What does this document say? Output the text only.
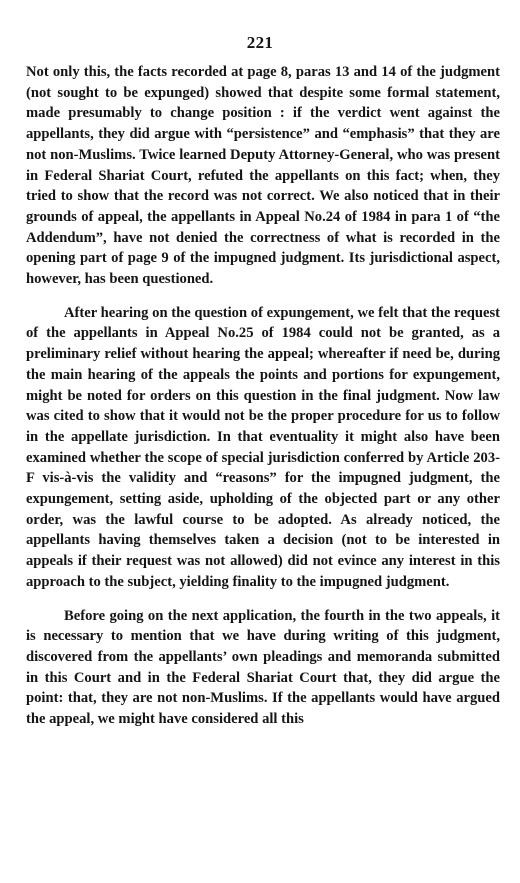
221

Not only this, the facts recorded at page 8, paras 13 and 14 of the judgment (not sought to be expunged) showed that despite some formal statement, made presumably to change position : if the verdict went against the appellants, they did argue with “persistence” and “emphasis” that they are not non-Muslims. Twice learned Deputy Attorney-General, who was present in Federal Shariat Court, refuted the appellants on this fact; when, they tried to show that the record was not correct. We also noticed that in their grounds of appeal, the appellants in Appeal No.24 of 1984 in para 1 of “the Addendum”, have not denied the correctness of what is recorded in the opening part of page 9 of the impugned judgment. Its jurisdictional aspect, however, has been questioned.

After hearing on the question of expungement, we felt that the request of the appellants in Appeal No.25 of 1984 could not be granted, as a preliminary relief without hearing the appeal; whereafter if need be, during the main hearing of the appeals the points and portions for expungement, might be noted for orders on this question in the final judgment. Now law was cited to show that it would not be the proper procedure for us to follow in the appellate jurisdiction. In that eventuality it might also have been examined whether the scope of special jurisdiction conferred by Article 203-F vis-à-vis the validity and “reasons” for the impugned judgment, the expungement, setting aside, upholding of the objected part or any other order, was the lawful course to be adopted. As already noticed, the appellants having themselves taken a decision (not to be interested in appeals if their request was not allowed) did not evince any interest in this approach to the subject, yielding finality to the impugned judgment.

Before going on the next application, the fourth in the two appeals, it is necessary to mention that we have during writing of this judgment, discovered from the appellants’ own pleadings and memoranda submitted in this Court and in the Federal Shariat Court that, they did argue the point: that, they are not non-Muslims. If the appellants would have argued the appeal, we might have considered all this
